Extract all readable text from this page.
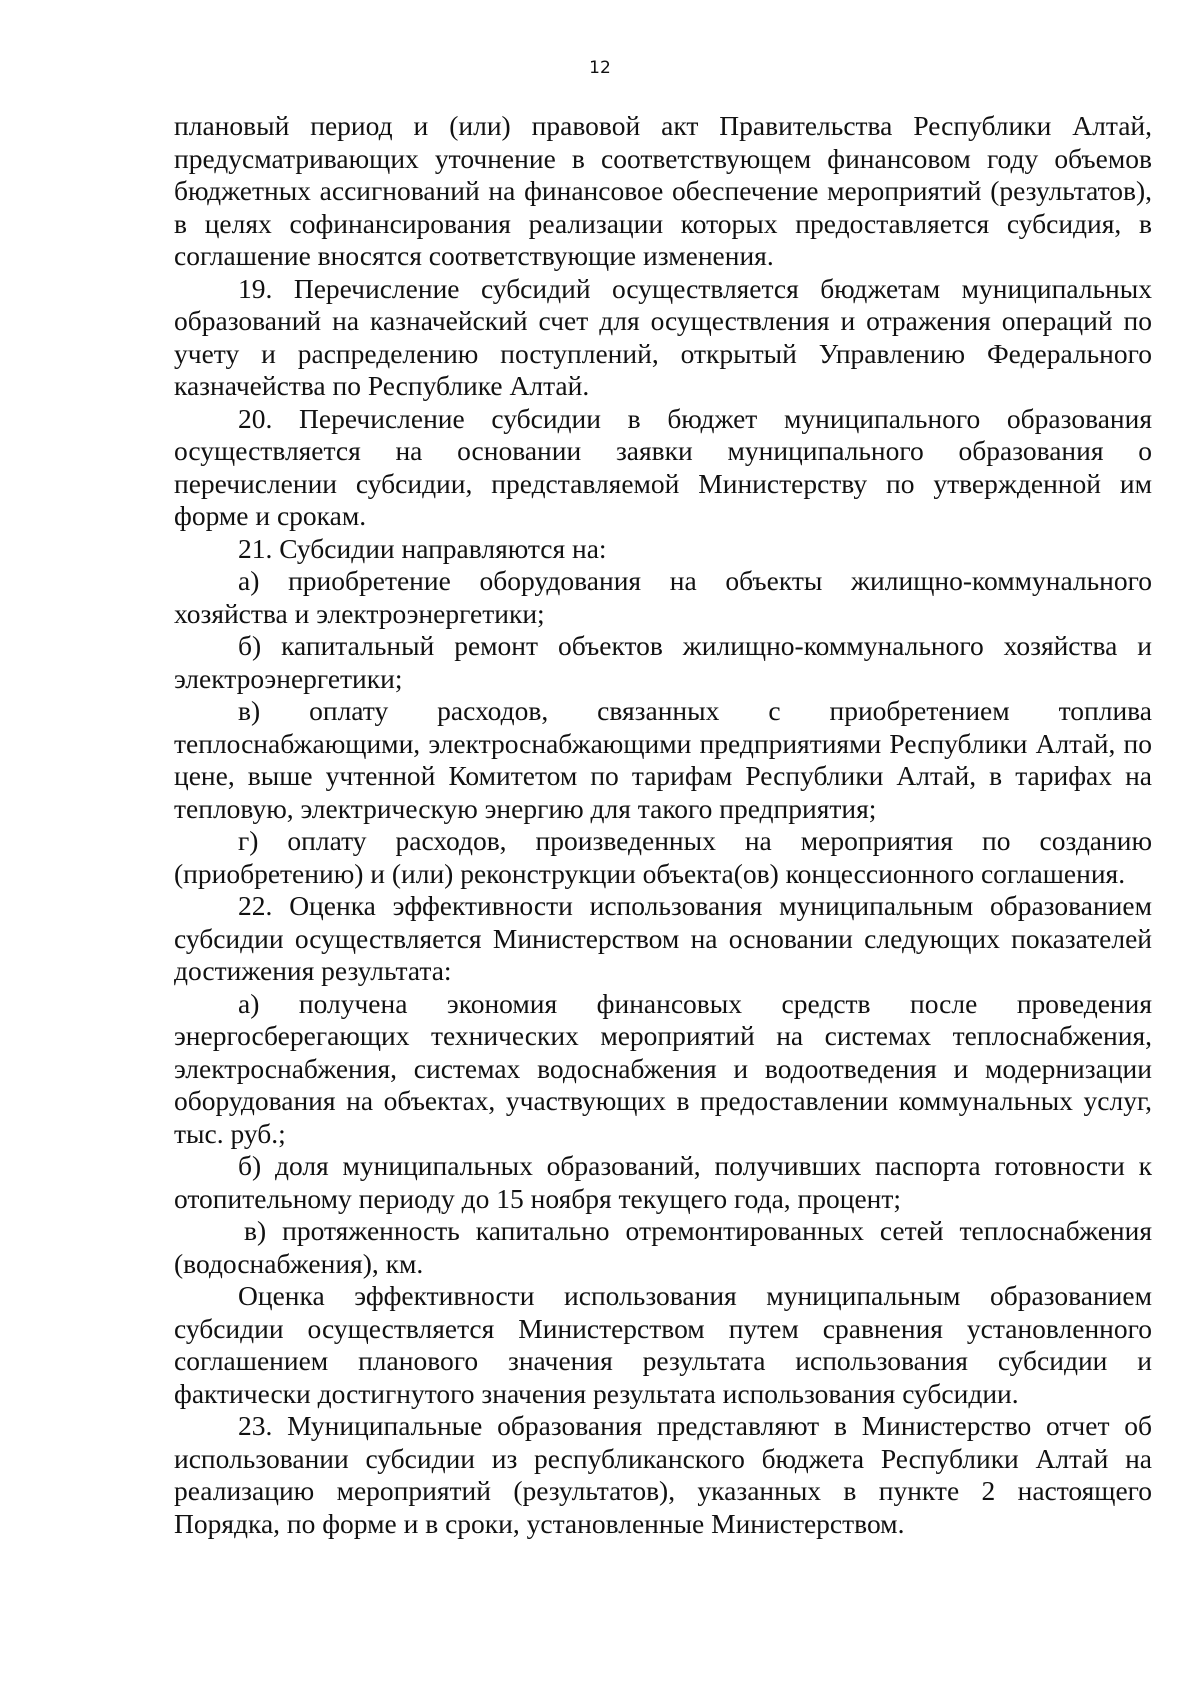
12

плановый период и (или) правовой акт Правительства Республики Алтай, предусматривающих уточнение в соответствующем финансовом году объемов бюджетных ассигнований на финансовое обеспечение мероприятий (результатов), в целях софинансирования реализации которых предоставляется субсидия, в соглашение вносятся соответствующие изменения.

19. Перечисление субсидий осуществляется бюджетам муниципальных образований на казначейский счет для осуществления и отражения операций по учету и распределению поступлений, открытый Управлению Федерального казначейства по Республике Алтай.

20. Перечисление субсидии в бюджет муниципального образования осуществляется на основании заявки муниципального образования о перечислении субсидии, представляемой Министерству по утвержденной им форме и срокам.

21. Субсидии направляются на:

а) приобретение оборудования на объекты жилищно-коммунального хозяйства и электроэнергетики;

б) капитальный ремонт объектов жилищно-коммунального хозяйства и электроэнергетики;

в) оплату расходов, связанных с приобретением топлива теплоснабжающими, электроснабжающими предприятиями Республики Алтай, по цене, выше учтенной Комитетом по тарифам Республики Алтай, в тарифах на тепловую, электрическую энергию для такого предприятия;

г) оплату расходов, произведенных на мероприятия по созданию (приобретению) и (или) реконструкции объекта(ов) концессионного соглашения.

22. Оценка эффективности использования муниципальным образованием субсидии осуществляется Министерством на основании следующих показателей достижения результата:

а) получена экономия финансовых средств после проведения энергосберегающих технических мероприятий на системах теплоснабжения, электроснабжения, системах водоснабжения и водоотведения и модернизации оборудования на объектах, участвующих в предоставлении коммунальных услуг, тыс. руб.;

б) доля муниципальных образований, получивших паспорта готовности к отопительному периоду до 15 ноября текущего года, процент;

в) протяженность капитально отремонтированных сетей теплоснабжения (водоснабжения), км.

Оценка эффективности использования муниципальным образованием субсидии осуществляется Министерством путем сравнения установленного соглашением планового значения результата использования субсидии и фактически достигнутого значения результата использования субсидии.

23. Муниципальные образования представляют в Министерство отчет об использовании субсидии из республиканского бюджета Республики Алтай на реализацию мероприятий (результатов), указанных в пункте 2 настоящего Порядка, по форме и в сроки, установленные Министерством.
